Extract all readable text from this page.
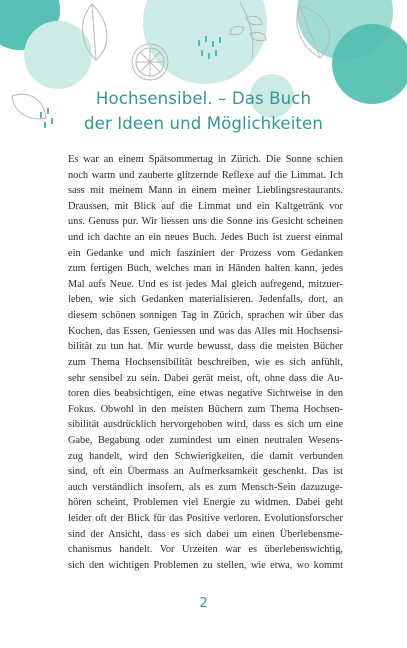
Hochsensibel. – Das Buch
der Ideen und Möglichkeiten
Es war an einem Spätsommertag in Zürich. Die Sonne schien
noch warm und zauberte glitzernde Reflexe auf die Limmat. Ich
sass mit meinem Mann in einem meiner Lieblingsrestaurants.
Draussen, mit Blick auf die Limmat und ein Kaltgetränk vor
uns. Genuss pur. Wir liessen uns die Sonne ins Gesicht scheinen
und ich dachte an ein neues Buch. Jedes Buch ist zuerst einmal
ein Gedanke und mich fasziniert der Prozess vom Gedanken
zum fertigen Buch, welches man in Händen halten kann, jedes
Mal aufs Neue. Und es ist jedes Mal gleich aufregend, mitzuer-
leben, wie sich Gedanken materialisieren. Jedenfalls, dort, an
diesem schönen sonnigen Tag in Zürich, sprachen wir über das
Kochen, das Essen, Geniessen und was das Alles mit Hochsensi-
bilität zu tun hat. Mir wurde bewusst, dass die meisten Bücher
zum Thema Hochsensibilität beschreiben, wie es sich anfühlt,
sehr sensibel zu sein. Dabei gerät meist, oft, ohne dass die Au-
toren dies beabsichtigen, eine etwas negative Sichtweise in den
Fokus. Obwohl in den meisten Büchern zum Thema Hochsen-
sibilität ausdrücklich hervorgehoben wird, dass es sich um eine
Gabe, Begabung oder zumindest um einen neutralen Wesens-
zug handelt, wird den Schwierigkeiten, die damit verbunden
sind, oft ein Übermass an Aufmerksamkeit geschenkt. Das ist
auch verständlich insofern, als es zum Mensch-Sein dazuzuge-
hören scheint, Problemen viel Energie zu widmen. Dabei geht
leider oft der Blick für das Positive verloren. Evolutionsforscher
sind der Ansicht, dass es sich dabei um einen Überlebensme-
chanismus handelt. Vor Urzeiten war es überlebenswichtig,
sich den wichtigen Problemen zu stellen, wie etwa, wo kommt
2
